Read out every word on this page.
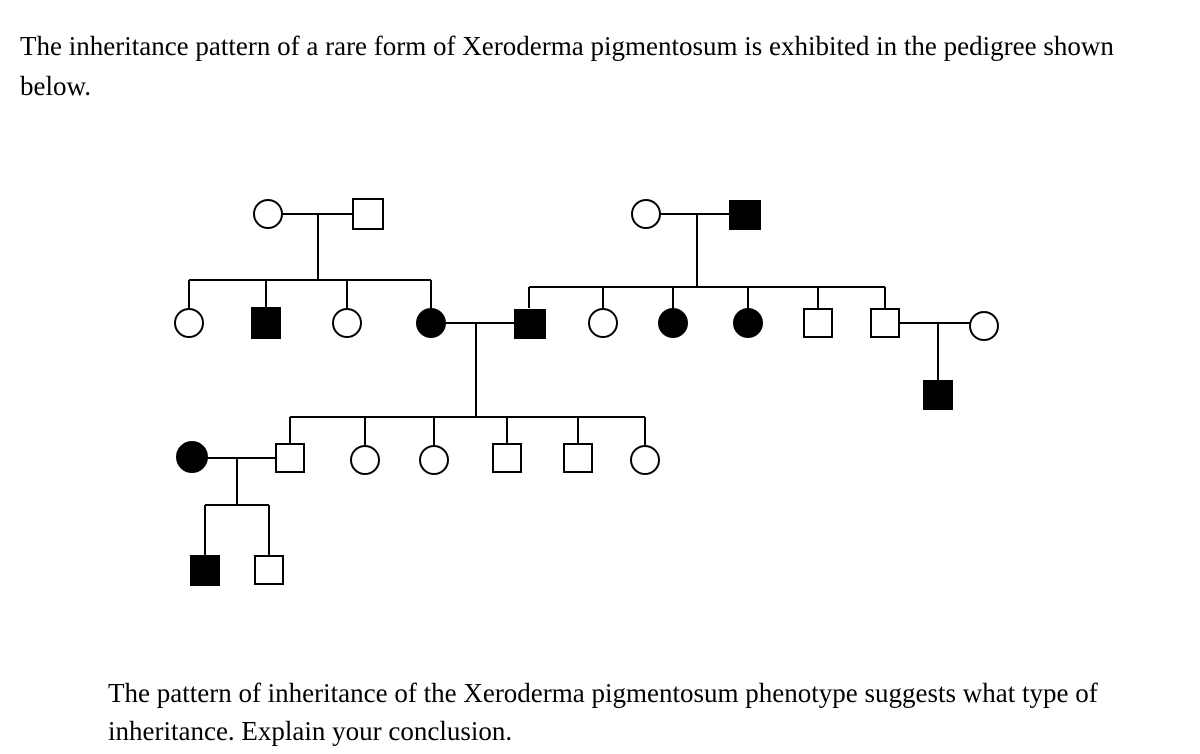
The inheritance pattern of a rare form of Xeroderma pigmentosum is exhibited in the pedigree shown below.
The pattern of inheritance of the Xeroderma pigmentosum phenotype suggests what type of inheritance. Explain your conclusion.
